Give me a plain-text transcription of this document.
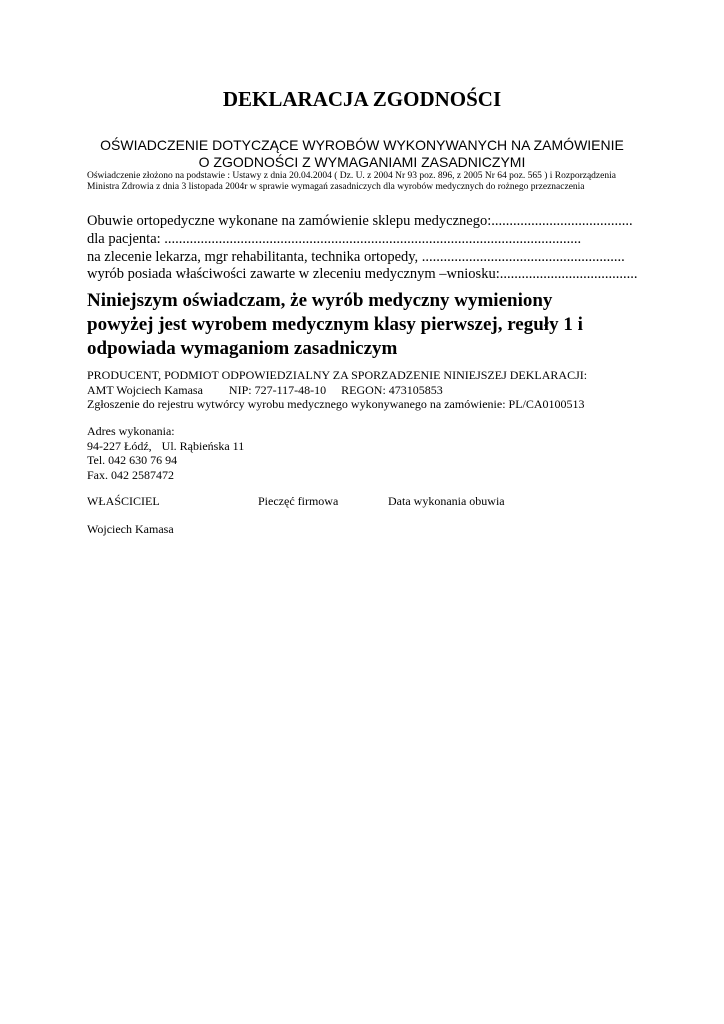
DEKLARACJA ZGODNOŚCI
OŚWIADCZENIE DOTYCZĄCE WYROBÓW WYKONYWANYCH NA ZAMÓWIENIE
O ZGODNOŚCI Z WYMAGANIAMI ZASADNICZYMI
Oświadczenie złożono na podstawie : Ustawy z dnia 20.04.2004 ( Dz. U. z 2004 Nr 93 poz. 896, z 2005 Nr 64 poz. 565 ) i Rozporządzenia
Ministra Zdrowia z dnia 3 listopada 2004r w sprawie wymagań zasadniczych dla wyrobów medycznych do rożnego przeznaczenia
Obuwie ortopedyczne wykonane na zamówienie sklepu medycznego:.......................................
dla pacjenta: ...................................................................................................................
na zlecenie lekarza, mgr rehabilitanta, technika ortopedy, ........................................................
wyrób posiada właściwości zawarte w zleceniu medycznym –wniosku:......................................
Niniejszym oświadczam, że wyrób medyczny wymieniony
powyżej jest wyrobem medycznym klasy pierwszej, reguły 1 i
odpowiada wymaganiom zasadniczym
PRODUCENT, PODMIOT ODPOWIEDZIALNY ZA SPORZADZENIE NINIEJSZEJ DEKLARACJI:
AMT Wojciech Kamasa NIP: 727-117-48-10 REGON: 473105853
Zgłoszenie do rejestru wytwórcy wyrobu medycznego wykonywanego na zamówienie: PL/CA0100513
Adres wykonania:
94-227 Łódź, Ul. Rąbieńska 11
Tel. 042 630 76 94
Fax. 042 2587472
WŁAŚCICIEL	Pieczęć firmowa	Data wykonania obuwia
Wojciech Kamasa
